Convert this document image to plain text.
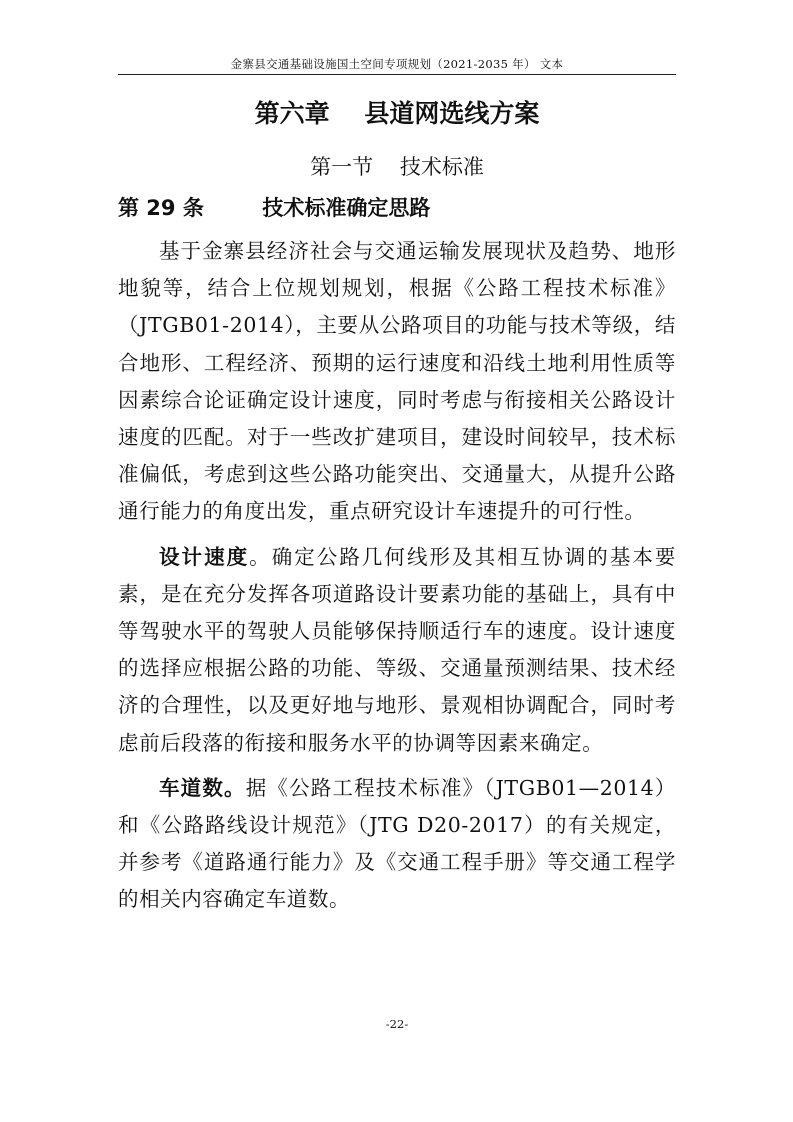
金寨县交通基础设施国土空间专项规划（2021-2035 年） 文本
第六章    县道网选线方案
第一节    技术标准
第 29 条        技术标准确定思路

基于金寨县经济社会与交通运输发展现状及趋势、地形地貌等，结合上位规划规划，根据《公路工程技术标准》（JTGB01-2014），主要从公路项目的功能与技术等级，结合地形、工程经济、预期的运行速度和沿线土地利用性质等因素综合论证确定设计速度，同时考虑与衔接相关公路设计速度的匹配。对于一些改扩建项目，建设时间较早，技术标准偏低，考虑到这些公路功能突出、交通量大，从提升公路通行能力的角度出发，重点研究设计车速提升的可行性。

设计速度。确定公路几何线形及其相互协调的基本要素，是在充分发挥各项道路设计要素功能的基础上，具有中等驾驶水平的驾驶人员能够保持顺适行车的速度。设计速度的选择应根据公路的功能、等级、交通量预测结果、技术经济的合理性，以及更好地与地形、景观相协调配合，同时考虑前后段落的衔接和服务水平的协调等因素来确定。

车道数。据《公路工程技术标准》（JTGB01—2014）和《公路路线设计规范》（JTG D20-2017）的有关规定，并参考《道路通行能力》及《交通工程手册》等交通工程学的相关内容确定车道数。

-22-
